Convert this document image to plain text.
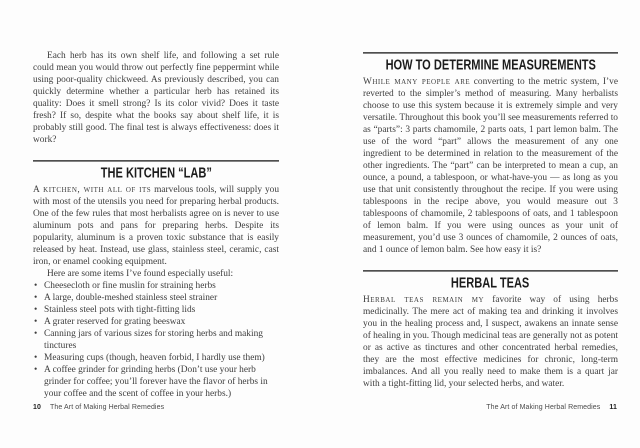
Each herb has its own shelf life, and following a set rule could mean you would throw out perfectly fine peppermint while using poor-quality chickweed. As previously described, you can quickly determine whether a particular herb has retained its quality: Does it smell strong? Is its color vivid? Does it taste fresh? If so, despite what the books say about shelf life, it is probably still good. The final test is always effectiveness: does it work?

THE KITCHEN “LAB”

A kitchen, with all of its marvelous tools, will supply you with most of the utensils you need for preparing herbal products. One of the few rules that most herbalists agree on is never to use aluminum pots and pans for preparing herbs. Despite its popularity, aluminum is a proven toxic substance that is easily released by heat. Instead, use glass, stainless steel, ceramic, cast iron, or enamel cooking equipment.

Here are some items I’ve found especially useful:

• Cheesecloth or fine muslin for straining herbs
• A large, double-meshed stainless steel strainer
• Stainless steel pots with tight-fitting lids
• A grater reserved for grating beeswax
• Canning jars of various sizes for storing herbs and making tinctures
• Measuring cups (though, heaven forbid, I hardly use them)
• A coffee grinder for grinding herbs (Don’t use your herb grinder for coffee; you’ll forever have the flavor of herbs in your coffee and the scent of coffee in your herbs.)
HOW TO DETERMINE MEASUREMENTS

While many people are converting to the metric system, I’ve reverted to the simpler’s method of measuring. Many herbalists choose to use this system because it is extremely simple and very versatile. Throughout this book you’ll see measurements referred to as “parts”: 3 parts chamomile, 2 parts oats, 1 part lemon balm. The use of the word “part” allows the measurement of any one ingredient to be determined in relation to the measurement of the other ingredients. The “part” can be interpreted to mean a cup, an ounce, a pound, a tablespoon, or what-have-you — as long as you use that unit consistently throughout the recipe. If you were using tablespoons in the recipe above, you would measure out 3 tablespoons of chamomile, 2 tablespoons of oats, and 1 tablespoon of lemon balm. If you were using ounces as your unit of measurement, you’d use 3 ounces of chamomile, 2 ounces of oats, and 1 ounce of lemon balm. See how easy it is?

HERBAL TEAS

Herbal teas remain my favorite way of using herbs medicinally. The mere act of making tea and drinking it involves you in the healing process and, I suspect, awakens an innate sense of healing in you. Though medicinal teas are generally not as potent or as active as tinctures and other concentrated herbal remedies, they are the most effective medicines for chronic, long-term imbalances. And all you really need to make them is a quart jar with a tight-fitting lid, your selected herbs, and water.

10 The Art of Making Herbal Remedies	The Art of Making Herbal Remedies 11
